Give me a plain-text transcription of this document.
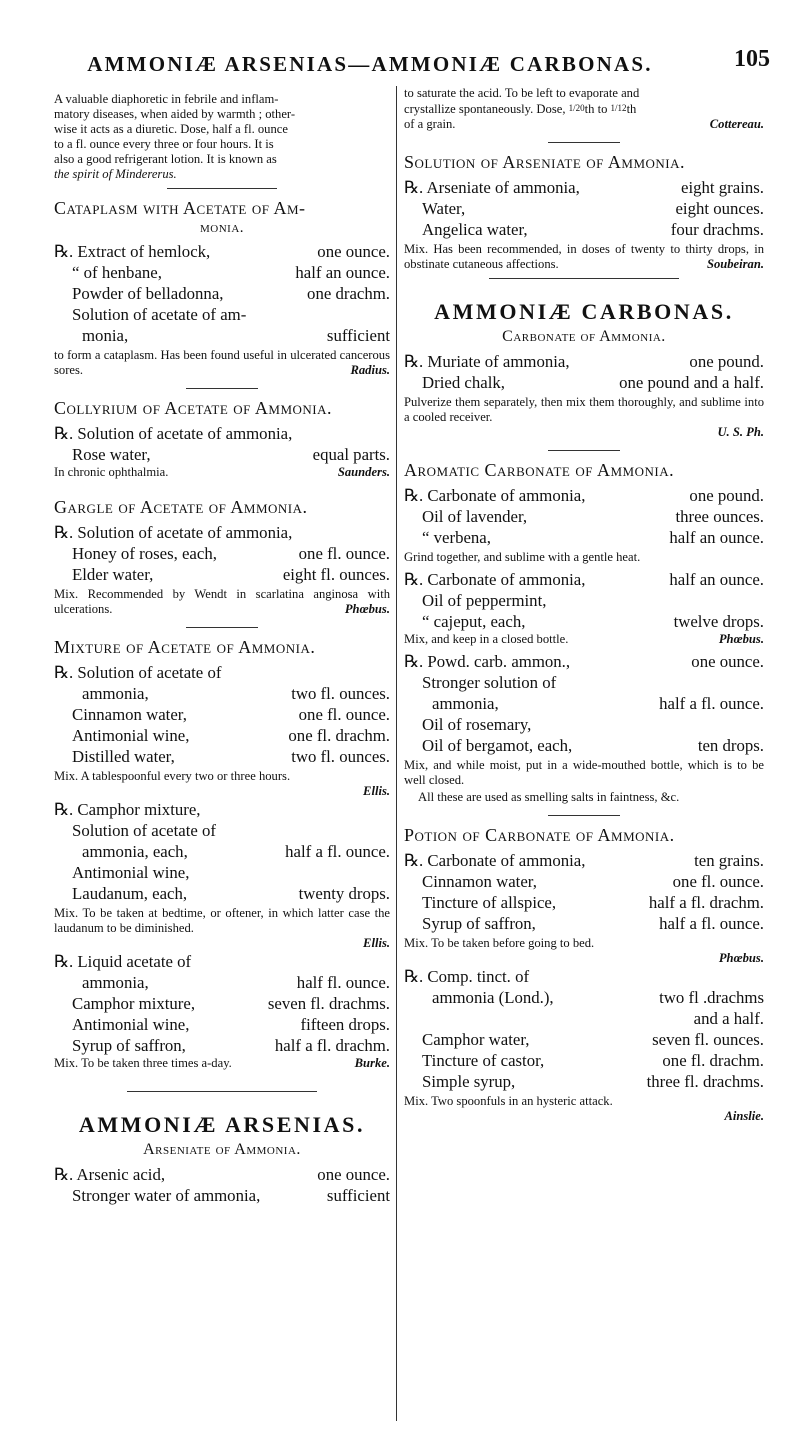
AMMONIÆ ARSENIAS—AMMONIÆ CARBONAS.	105

A valuable diaphoretic in febrile and inflam-

matory diseases, when aided by warmth ; other-

wise it acts as a diuretic. Dose, half a fl. ounce

to a fl. ounce every three or four hours. It is

also a good refrigerant lotion. It is known as

the spirit of Mindererus.

Cataplasm with Acetate of Am-
monia.
℞. Extract of hemlock,	one ounce.
“ of henbane,	half an ounce.
Powder of belladonna,	one drachm.
Solution of acetate of am-
monia,	sufficient
to form a cataplasm. Has been found useful in ulcerated cancerous sores.	Radius.
Collyrium of Acetate of Ammonia.
℞. Solution of acetate of ammonia,
Rose water,	equal parts.
In chronic ophthalmia.	Saunders.
Gargle of Acetate of Ammonia.
℞. Solution of acetate of ammonia,
Honey of roses, each,	one fl. ounce.
Elder water,	eight fl. ounces.
Mix. Recommended by Wendt in scarlatina anginosa with ulcerations.	Phœbus.
Mixture of Acetate of Ammonia.
℞. Solution of acetate of
ammonia,	two fl. ounces.
Cinnamon water,	one fl. ounce.
Antimonial wine,	one fl. drachm.
Distilled water,	two fl. ounces.
Mix. A tablespoonful every two or three hours.
Ellis.
℞. Camphor mixture,
Solution of acetate of
ammonia, each,	half a fl. ounce.
Antimonial wine,
Laudanum, each,	twenty drops.
Mix. To be taken at bedtime, or oftener, in which latter case the laudanum to be diminished.
Ellis.
℞. Liquid acetate of
ammonia,	half fl. ounce.
Camphor mixture,	seven fl. drachms.
Antimonial wine,	fifteen drops.
Syrup of saffron,	half a fl. drachm.
Mix. To be taken three times a-day.	Burke.
AMMONIÆ ARSENIAS.
Arseniate of Ammonia.
℞. Arsenic acid,	one ounce.
Stronger water of ammonia,	sufficient

to saturate the acid. To be left to evaporate and

crystallize spontaneously. Dose, 1/20th to 1/12th

of a grain.	Cottereau.
Solution of Arseniate of Ammonia.
℞. Arseniate of ammonia,	eight grains.
Water,	eight ounces.
Angelica water,	four drachms.
Mix. Has been recommended, in doses of twenty to thirty drops, in obstinate cutaneous affections.	Soubeiran.
AMMONIÆ CARBONAS.
Carbonate of Ammonia.
℞. Muriate of ammonia,	one pound.
Dried chalk,	one pound and a half.
Pulverize them separately, then mix them thoroughly, and sublime into a cooled receiver.
U. S. Ph.
Aromatic Carbonate of Ammonia.
℞. Carbonate of ammonia,	one pound.
Oil of lavender,	three ounces.
“ verbena,	half an ounce.
Grind together, and sublime with a gentle heat.
℞. Carbonate of ammonia,	half an ounce.
Oil of peppermint,
“ cajeput, each,	twelve drops.
Mix, and keep in a closed bottle.	Phœbus.
℞. Powd. carb. ammon.,	one ounce.
Stronger solution of
ammonia,	half a fl. ounce.
Oil of rosemary,
Oil of bergamot, each,	ten drops.
Mix, and while moist, put in a wide-mouthed bottle, which is to be well closed.
All these are used as smelling salts in faintness, &c.
Potion of Carbonate of Ammonia.
℞. Carbonate of ammonia,	ten grains.
Cinnamon water,	one fl. ounce.
Tincture of allspice,	half a fl. drachm.
Syrup of saffron,	half a fl. ounce.
Mix. To be taken before going to bed.
Phœbus.
℞. Comp. tinct. of
ammonia (Lond.),	two fl .drachms
and a half.
Camphor water,	seven fl. ounces.
Tincture of castor,	one fl. drachm.
Simple syrup,	three fl. drachms.
Mix. Two spoonfuls in an hysteric attack.
Ainslie.
